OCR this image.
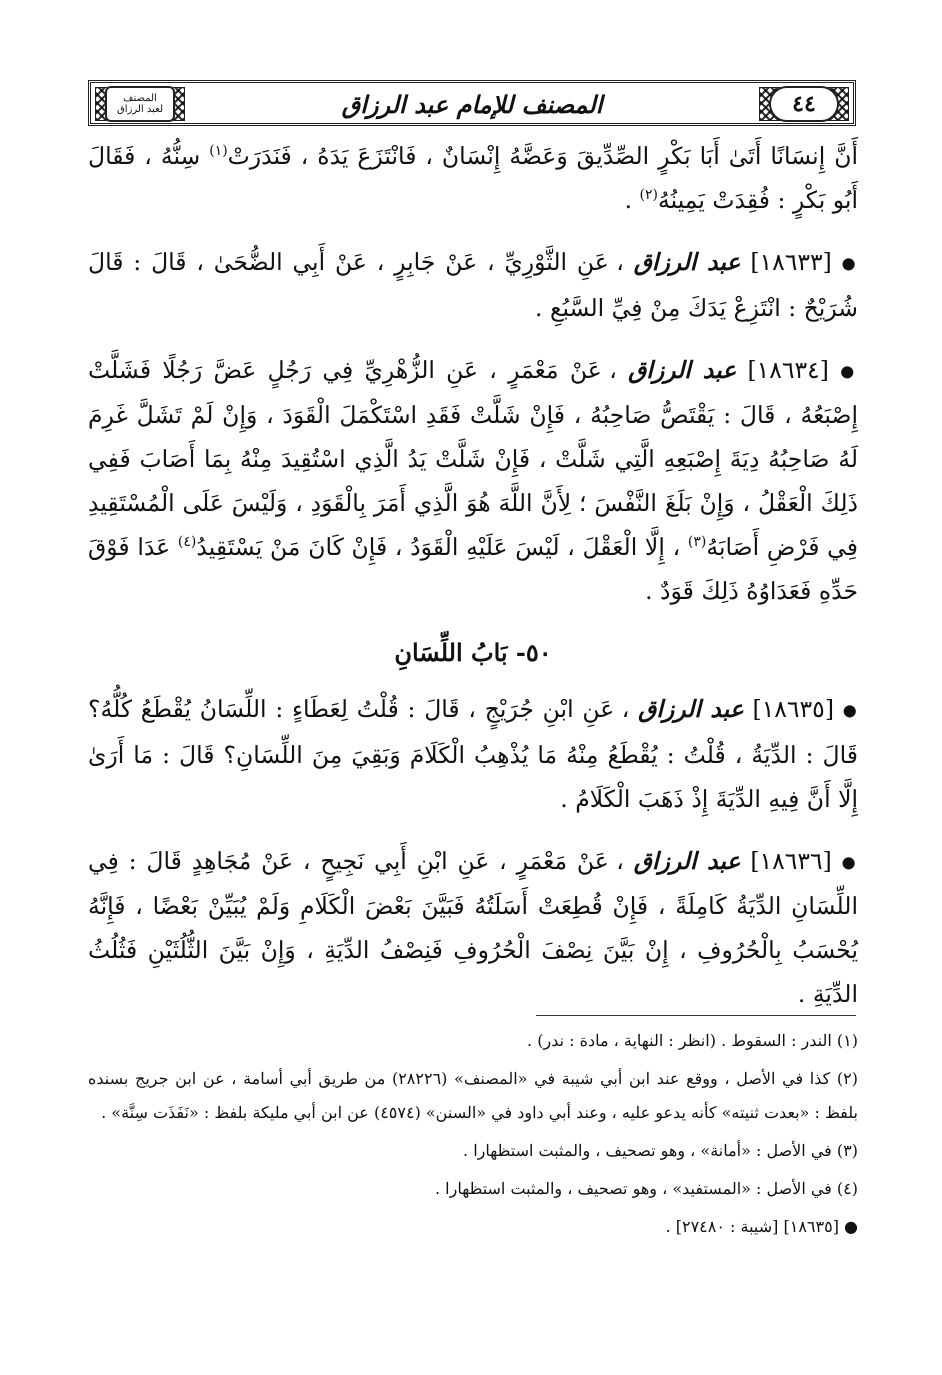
المصنف
لعبد الرزاق	المصنف للإمام عبد الرزاق	٤٤

أَنَّ إِنسَانًا أَتَىٰ أَبَا بَكْرٍ الصِّدِّيقَ وَعَضَّهُ إِنْسَانٌ ، فَانْتَزَعَ يَدَهُ ، فَنَدَرَتْ$^{(١)}$ سِنُّهُ ، فَقَالَ أَبُو بَكْرٍ : فُقِدَتْ يَمِينُهُ$^{(٢)}$ .

● [١٨٦٣٣] عبد الرزاق ، عَنِ الثَّوْرِيِّ ، عَنْ جَابِرٍ ، عَنْ أَبِي الضُّحَىٰ ، قَالَ : قَالَ شُرَيْحٌ : انْتَزِعْ يَدَكَ مِنْ فِيِّ السَّبُعِ .

● [١٨٦٣٤] عبد الرزاق ، عَنْ مَعْمَرٍ ، عَنِ الزُّهْرِيِّ فِي رَجُلٍ عَضَّ رَجُلًا فَشَلَّتْ إِصْبَعُهُ ، قَالَ : يَقْتَصُّ صَاحِبُهُ ، فَإِنْ شَلَّتْ فَقَدِ اسْتَكْمَلَ الْقَوَدَ ، وَإِنْ لَمْ تَشَلَّ غَرِمَ لَهُ صَاحِبُهُ دِيَةَ إِصْبَعِهِ الَّتِي شَلَّتْ ، فَإِنْ شَلَّتْ يَدُ الَّذِي اسْتُقِيدَ مِنْهُ بِمَا أَصَابَ فَفِي ذَلِكَ الْعَقْلُ ، وَإِنْ بَلَغَ النَّفْسَ ؛ لِأَنَّ اللَّهَ هُوَ الَّذِي أَمَرَ بِالْقَوَدِ ، وَلَيْسَ عَلَى الْمُسْتَقِيدِ فِي فَرْضِ أَصَابَهُ$^{(٣)}$ ، إِلَّا الْعَقْلَ ، لَيْسَ عَلَيْهِ الْقَوَدُ ، فَإِنْ كَانَ مَنْ يَسْتَقِيدُ$^{(٤)}$ عَدَا فَوْقَ حَدِّهِ فَعَدَاوُهُ ذَلِكَ قَوَدٌ .

٥٠- بَابُ اللِّسَانِ

● [١٨٦٣٥] عبد الرزاق ، عَنِ ابْنِ جُرَيْجٍ ، قَالَ : قُلْتُ لِعَطَاءٍ : اللِّسَانُ يُقْطَعُ كُلُّهُ؟ قَالَ : الدِّيَةُ ، قُلْتُ : يُقْطَعُ مِنْهُ مَا يُذْهِبُ الْكَلَامَ وَبَقِيَ مِنَ اللِّسَانِ؟ قَالَ : مَا أَرَىٰ إِلَّا أَنَّ فِيهِ الدِّيَةَ إِذْ ذَهَبَ الْكَلَامُ .

● [١٨٦٣٦] عبد الرزاق ، عَنْ مَعْمَرٍ ، عَنِ ابْنِ أَبِي نَجِيحٍ ، عَنْ مُجَاهِدٍ قَالَ : فِي اللِّسَانِ الدِّيَةُ كَامِلَةً ، فَإِنْ قُطِعَتْ أَسَلَتُهُ فَبَيَّنَ بَعْضَ الْكَلَامِ وَلَمْ يُبَيِّنْ بَعْضًا ، فَإِنَّهُ يُحْسَبُ بِالْحُرُوفِ ، إِنْ بَيَّنَ نِصْفَ الْحُرُوفِ فَنِصْفُ الدِّيَةِ ، وَإِنْ بَيَّنَ الثُّلُثَيْنِ فَثُلُثُ الدِّيَةِ .

(١) الندر : السقوط . (انظر : النهاية ، مادة : ندر) .

(٢) كذا في الأصل ، ووقع عند ابن أبي شيبة في «المصنف» (٢٨٢٢٦) من طريق أبي أسامة ، عن ابن جريج بسنده بلفظ : «بعدت ثنيته» كأنه يدعو عليه ، وعند أبي داود في «السنن» (٤٥٧٤) عن ابن أبي مليكة بلفظ : «نَفَذَت سِنَّة» .

(٣) في الأصل : «أمانة» ، وهو تصحيف ، والمثبت استظهارا .

(٤) في الأصل : «المستفيد» ، وهو تصحيف ، والمثبت استظهارا .

● [١٨٦٣٥] [شيبة : ٢٧٤٨٠] .
